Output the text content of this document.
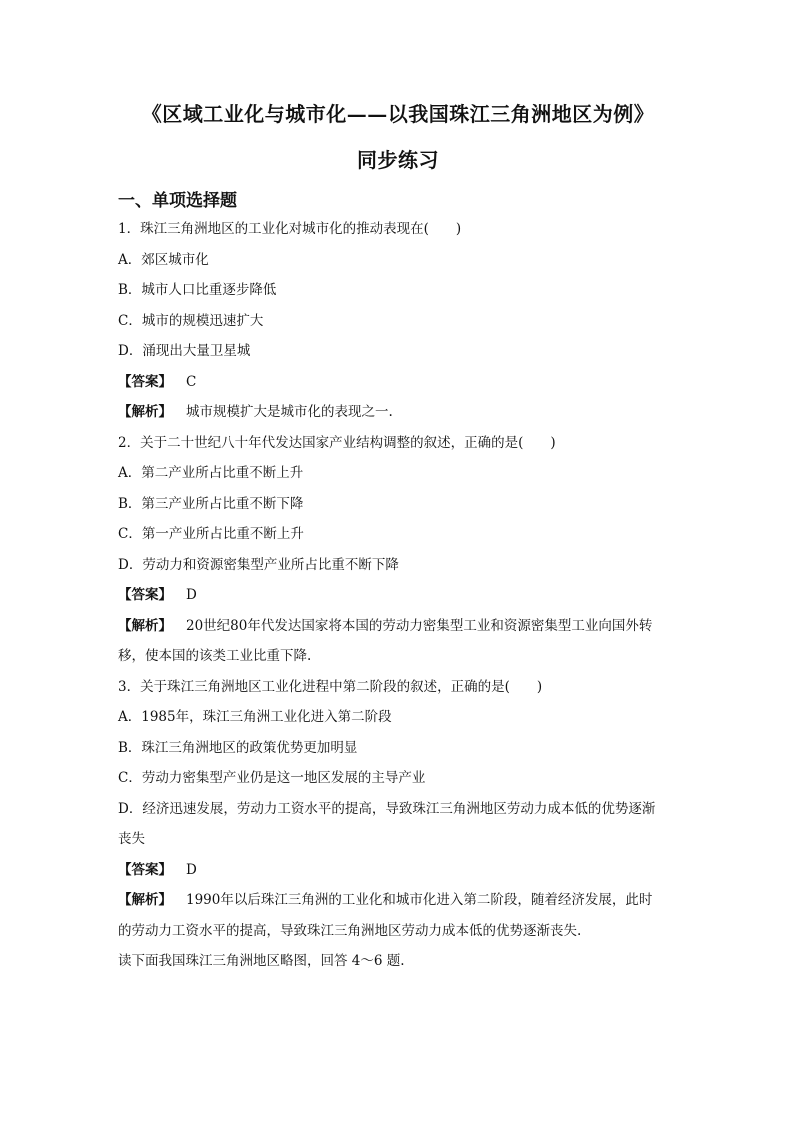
《区域工业化与城市化——以我国珠江三角洲地区为例》
同步练习
一、单项选择题
1．珠江三角洲地区的工业化对城市化的推动表现在(　　)
A．郊区城市化
B．城市人口比重逐步降低
C．城市的规模迅速扩大
D．涌现出大量卫星城
【答案】 C
【解析】 城市规模扩大是城市化的表现之一.
2．关于二十世纪八十年代发达国家产业结构调整的叙述，正确的是(　　)
A．第二产业所占比重不断上升
B．第三产业所占比重不断下降
C．第一产业所占比重不断上升
D．劳动力和资源密集型产业所占比重不断下降
【答案】 D
【解析】 20世纪80年代发达国家将本国的劳动力密集型工业和资源密集型工业向国外转
移，使本国的该类工业比重下降.
3．关于珠江三角洲地区工业化进程中第二阶段的叙述，正确的是(　　)
A．1985年，珠江三角洲工业化进入第二阶段
B．珠江三角洲地区的政策优势更加明显
C．劳动力密集型产业仍是这一地区发展的主导产业
D．经济迅速发展，劳动力工资水平的提高，导致珠江三角洲地区劳动力成本低的优势逐渐
丧失
【答案】 D
【解析】 1990年以后珠江三角洲的工业化和城市化进入第二阶段，随着经济发展，此时
的劳动力工资水平的提高，导致珠江三角洲地区劳动力成本低的优势逐渐丧失.
读下面我国珠江三角洲地区略图，回答 4～6 题.
